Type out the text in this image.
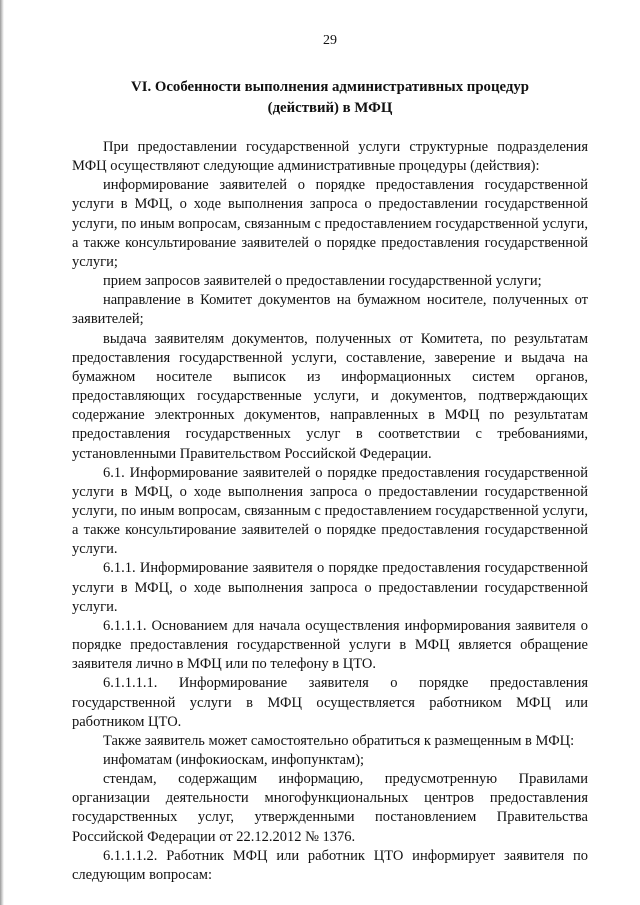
29
VI. Особенности выполнения административных процедур
(действий) в МФЦ

При предоставлении государственной услуги структурные подразделения МФЦ осуществляют следующие административные процедуры (действия):

информирование заявителей о порядке предоставления государственной услуги в МФЦ, о ходе выполнения запроса о предоставлении государственной услуги, по иным вопросам, связанным с предоставлением государственной услуги, а также консультирование заявителей о порядке предоставления государственной услуги;

прием запросов заявителей о предоставлении государственной услуги;

направление в Комитет документов на бумажном носителе, полученных от заявителей;

выдача заявителям документов, полученных от Комитета, по результатам предоставления государственной услуги, составление, заверение и выдача на бумажном носителе выписок из информационных систем органов, предоставляющих государственные услуги, и документов, подтверждающих содержание электронных документов, направленных в МФЦ по результатам предоставления государственных услуг в соответствии с требованиями, установленными Правительством Российской Федерации.

6.1. Информирование заявителей о порядке предоставления государственной услуги в МФЦ, о ходе выполнения запроса о предоставлении государственной услуги, по иным вопросам, связанным с предоставлением государственной услуги, а также консультирование заявителей о порядке предоставления государственной услуги.

6.1.1. Информирование заявителя о порядке предоставления государственной услуги в МФЦ, о ходе выполнения запроса о предоставлении государственной услуги.

6.1.1.1. Основанием для начала осуществления информирования заявителя о порядке предоставления государственной услуги в МФЦ является обращение заявителя лично в МФЦ или по телефону в ЦТО.

6.1.1.1.1. Информирование заявителя о порядке предоставления государственной услуги в МФЦ осуществляется работником МФЦ или работником ЦТО.

Также заявитель может самостоятельно обратиться к размещенным в МФЦ:

инфоматам (инфокиоскам, инфопунктам);

стендам, содержащим информацию, предусмотренную Правилами организации деятельности многофункциональных центров предоставления государственных услуг, утвержденными постановлением Правительства Российской Федерации от 22.12.2012 № 1376.

6.1.1.1.2. Работник МФЦ или работник ЦТО информирует заявителя по следующим вопросам:
